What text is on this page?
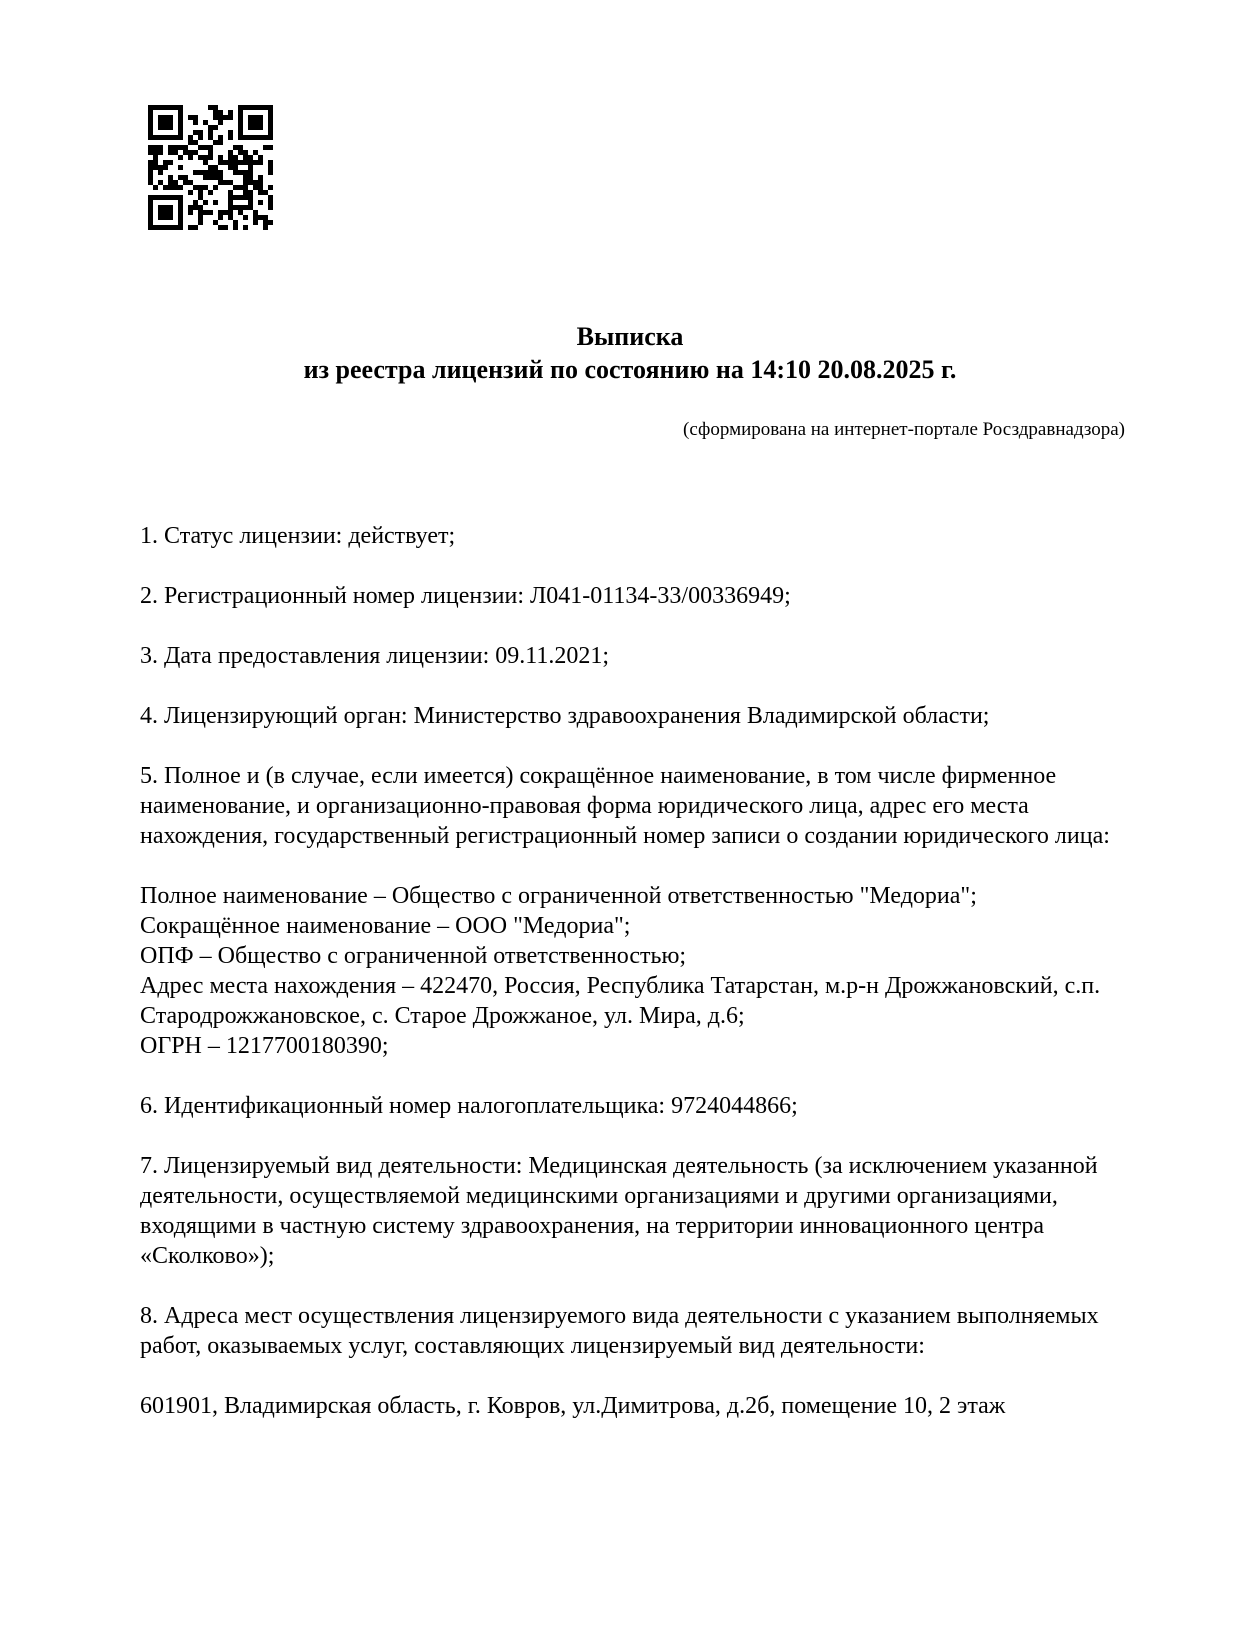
Выписка
из реестра лицензий по состоянию на 14:10 20.08.2025 г.
(сформирована на интернет-портале Росздравнадзора)
1. Статус лицензии: действует;
2. Регистрационный номер лицензии: Л041-01134-33/00336949;
3. Дата предоставления лицензии: 09.11.2021;
4. Лицензирующий орган: Министерство здравоохранения Владимирской области;
5. Полное и (в случае, если имеется) сокращённое наименование, в том числе фирменное
наименование, и организационно-правовая форма юридического лица, адрес его места
нахождения, государственный регистрационный номер записи о создании юридического лица:
Полное наименование – Общество с ограниченной ответственностью "Медориа";
Сокращённое наименование – ООО "Медориа";
ОПФ – Общество с ограниченной ответственностью;
Адрес места нахождения – 422470, Россия, Республика Татарстан, м.р-н Дрожжановский, с.п.
Стародрожжановское, с. Старое Дрожжаное, ул. Мира, д.6;
ОГРН – 1217700180390;
6. Идентификационный номер налогоплательщика: 9724044866;
7. Лицензируемый вид деятельности: Медицинская деятельность (за исключением указанной
деятельности, осуществляемой медицинскими организациями и другими организациями,
входящими в частную систему здравоохранения, на территории инновационного центра
«Сколково»);
8. Адреса мест осуществления лицензируемого вида деятельности с указанием выполняемых
работ, оказываемых услуг, составляющих лицензируемый вид деятельности:
601901, Владимирская область, г. Ковров, ул.Димитрова, д.2б, помещение 10, 2 этаж
